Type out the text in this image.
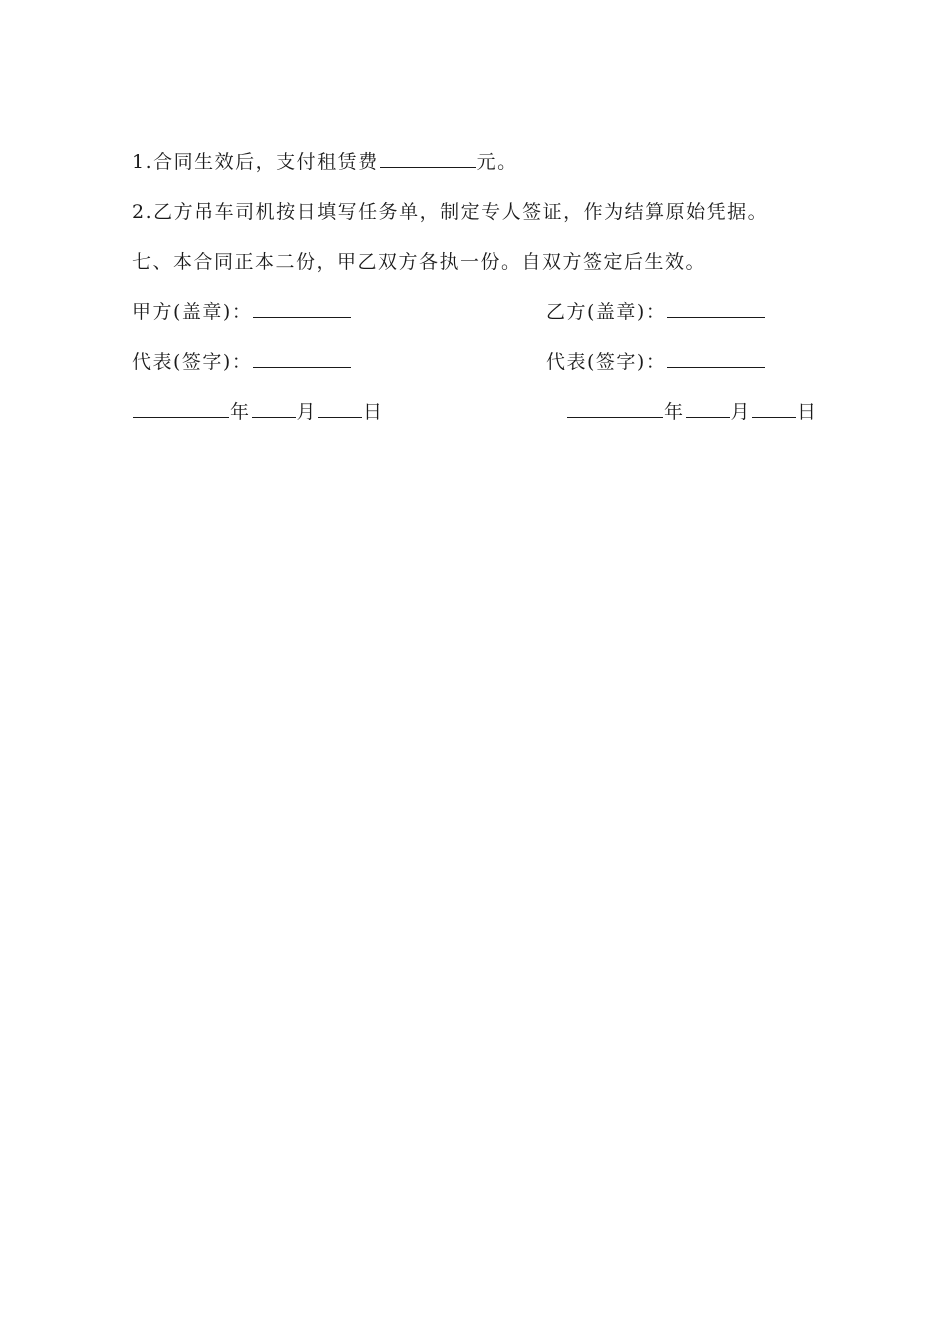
1.合同生效后，支付租赁费	元。
2.乙方吊车司机按日填写任务单，制定专人签证，作为结算原始凭据。
七、本合同正本二份，甲乙双方各执一份。自双方签定后生效。
甲方(盖章)：	乙方(盖章)：
代表(签字)：	代表(签字)：
年 月 日	年 月 日
